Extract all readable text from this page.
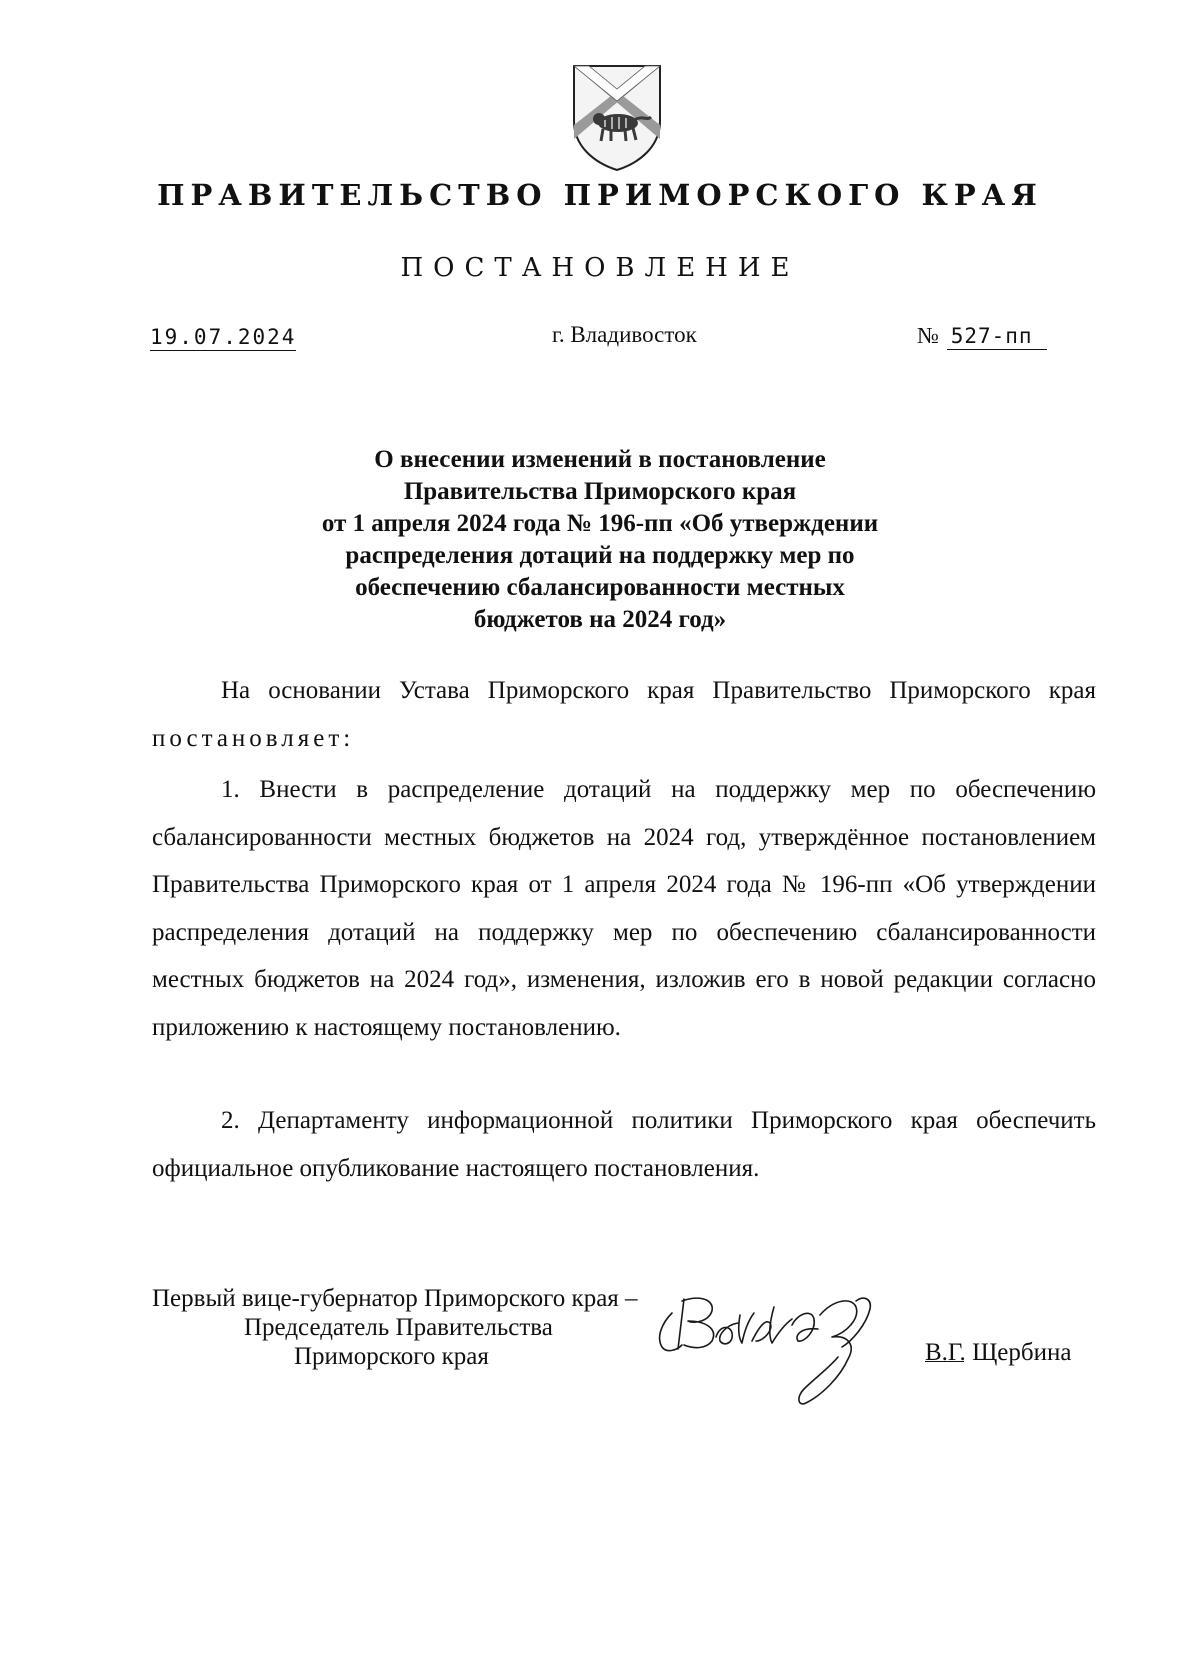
ПРАВИТЕЛЬСТВО ПРИМОРСКОГО КРАЯ
ПОСТАНОВЛЕНИЕ
19.07.2024	г. Владивосток	№ 527-пп
О внесении изменений в постановление
Правительства Приморского края
от 1 апреля 2024 года № 196-пп «Об утверждении
распределения дотаций на поддержку мер по
обеспечению сбалансированности местных
бюджетов на 2024 год»
На основании Устава Приморского края Правительство Приморского края постановляет:
1. Внести в распределение дотаций на поддержку мер по обеспечению сбалансированности местных бюджетов на 2024 год, утверждённое постановлением Правительства Приморского края от 1 апреля 2024 года № 196-пп «Об утверждении распределения дотаций на поддержку мер по обеспечению сбалансированности местных бюджетов на 2024 год», изменения, изложив его в новой редакции согласно приложению к настоящему постановлению.
2. Департаменту информационной политики Приморского края обеспечить официальное опубликование настоящего постановления.
Первый вице-губернатор Приморского края –
Председатель Правительства
Приморского края	В.Г. Щербина
